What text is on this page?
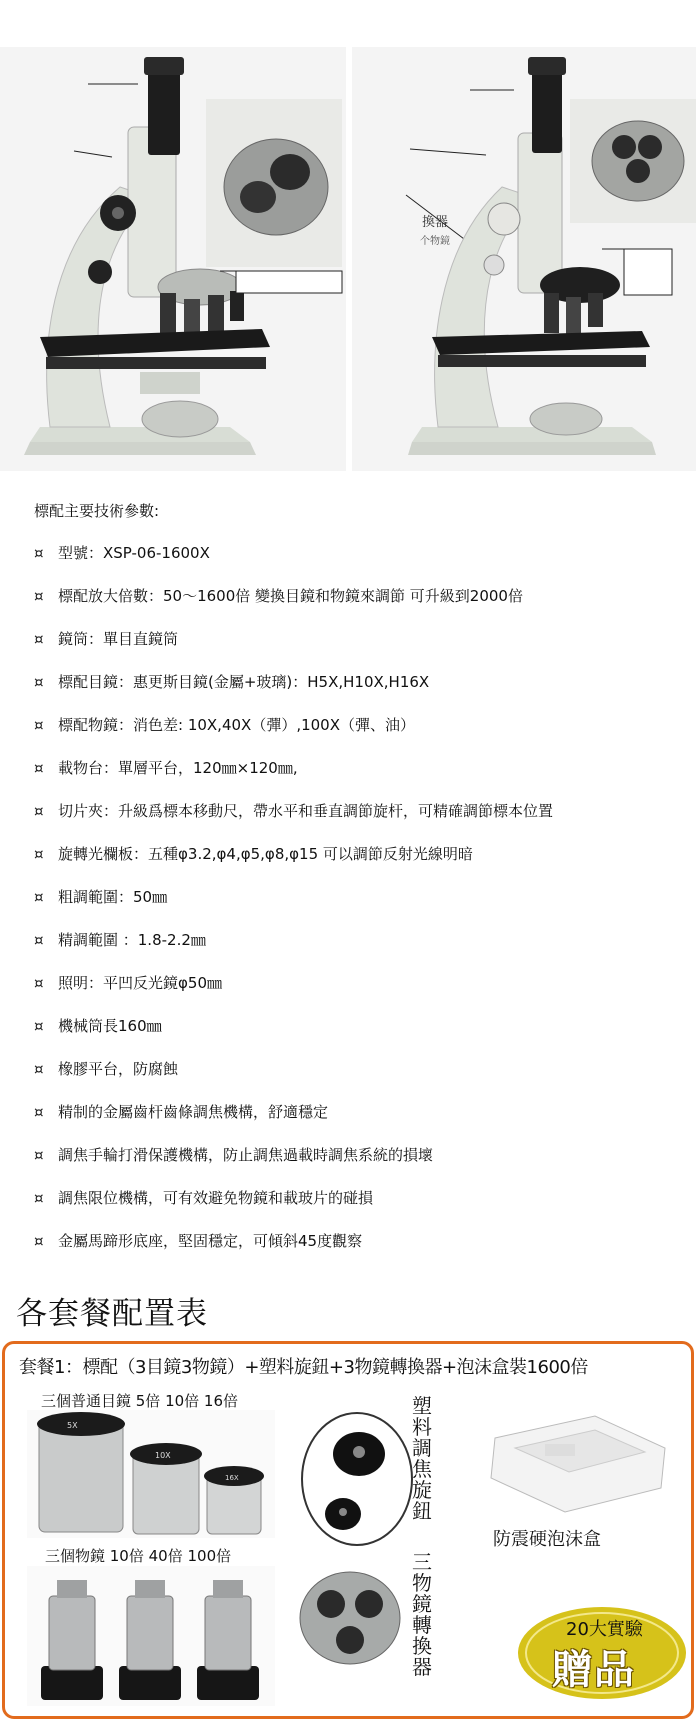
換器
个物鏡
標配主要技術參數:
¤ 型號：XSP-06-1600X
¤ 標配放大倍數：50～1600倍 變換目鏡和物鏡來調節 可升級到2000倍
¤ 鏡筒：單目直鏡筒
¤ 標配目鏡：惠更斯目鏡(金屬+玻璃)：H5X,H10X,H16X
¤ 標配物鏡：消色差: 10X,40X（彈）,100X（彈、油）
¤ 載物台：單層平台，120㎜×120㎜,
¤ 切片夾：升級爲標本移動尺，帶水平和垂直調節旋杆，可精確調節標本位置
¤ 旋轉光欄板：五種φ3.2,φ4,φ5,φ8,φ15 可以調節反射光線明暗
¤ 粗調範圍：50㎜
¤ 精調範圍 ：1.8-2.2㎜
¤ 照明：平凹反光鏡φ50㎜
¤ 機械筒長160㎜
¤ 橡膠平台，防腐蝕
¤ 精制的金屬齒杆齒條調焦機構，舒適穩定
¤ 調焦手輪打滑保護機構，防止調焦過載時調焦系統的損壞
¤ 調焦限位機構，可有效避免物鏡和載玻片的碰損
¤ 金屬馬蹄形底座，堅固穩定，可傾斜45度觀察
各套餐配置表
套餐1：標配（3目鏡3物鏡）+塑料旋鈕+3物鏡轉換器+泡沫盒裝1600倍
三個普通目鏡 5倍 10倍 16倍
5X
10X
16X
三個物鏡 10倍 40倍 100倍
塑料調焦旋鈕
三物鏡轉換器
防震硬泡沫盒
20大實驗
贈品
